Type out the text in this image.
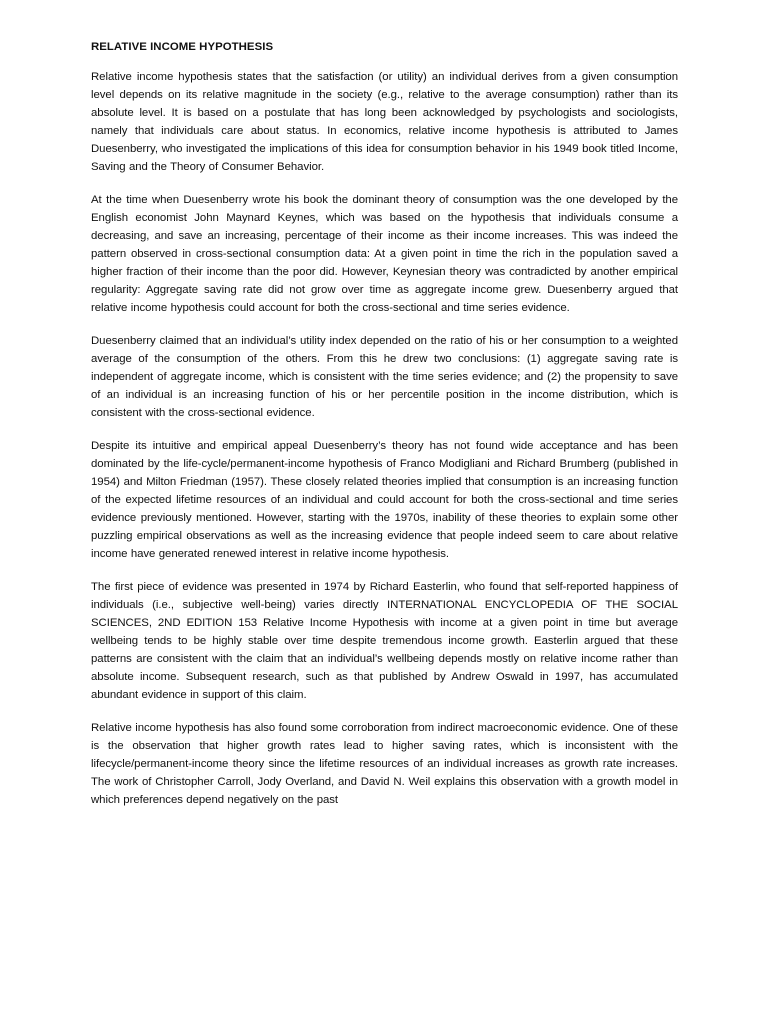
RELATIVE INCOME HYPOTHESIS

Relative income hypothesis states that the satisfaction (or utility) an individual derives from a given consumption level depends on its relative magnitude in the society (e.g., relative to the average consumption) rather than its absolute level. It is based on a postulate that has long been acknowledged by psychologists and sociologists, namely that individuals care about status. In economics, relative income hypothesis is attributed to James Duesenberry, who investigated the implications of this idea for consumption behavior in his 1949 book titled Income, Saving and the Theory of Consumer Behavior.

At the time when Duesenberry wrote his book the dominant theory of consumption was the one developed by the English economist John Maynard Keynes, which was based on the hypothesis that individuals consume a decreasing, and save an increasing, percentage of their income as their income increases. This was indeed the pattern observed in cross-sectional consumption data: At a given point in time the rich in the population saved a higher fraction of their income than the poor did. However, Keynesian theory was contradicted by another empirical regularity: Aggregate saving rate did not grow over time as aggregate income grew. Duesenberry argued that relative income hypothesis could account for both the cross-sectional and time series evidence.

Duesenberry claimed that an individual’s utility index depended on the ratio of his or her consumption to a weighted average of the consumption of the others. From this he drew two conclusions: (1) aggregate saving rate is independent of aggregate income, which is consistent with the time series evidence; and (2) the propensity to save of an individual is an increasing function of his or her percentile position in the income distribution, which is consistent with the cross-sectional evidence.

Despite its intuitive and empirical appeal Duesenberry’s theory has not found wide acceptance and has been dominated by the life-cycle/permanent-income hypothesis of Franco Modigliani and Richard Brumberg (published in 1954) and Milton Friedman (1957). These closely related theories implied that consumption is an increasing function of the expected lifetime resources of an individual and could account for both the cross-sectional and time series evidence previously mentioned. However, starting with the 1970s, inability of these theories to explain some other puzzling empirical observations as well as the increasing evidence that people indeed seem to care about relative income have generated renewed interest in relative income hypothesis.

The first piece of evidence was presented in 1974 by Richard Easterlin, who found that self-reported happiness of individuals (i.e., subjective well-being) varies directly INTERNATIONAL ENCYCLOPEDIA OF THE SOCIAL SCIENCES, 2ND EDITION 153 Relative Income Hypothesis with income at a given point in time but average wellbeing tends to be highly stable over time despite tremendous income growth. Easterlin argued that these patterns are consistent with the claim that an individual’s wellbeing depends mostly on relative income rather than absolute income. Subsequent research, such as that published by Andrew Oswald in 1997, has accumulated abundant evidence in support of this claim.

Relative income hypothesis has also found some corroboration from indirect macroeconomic evidence. One of these is the observation that higher growth rates lead to higher saving rates, which is inconsistent with the lifecycle/permanent-income theory since the lifetime resources of an individual increases as growth rate increases. The work of Christopher Carroll, Jody Overland, and David N. Weil explains this observation with a growth model in which preferences depend negatively on the past
